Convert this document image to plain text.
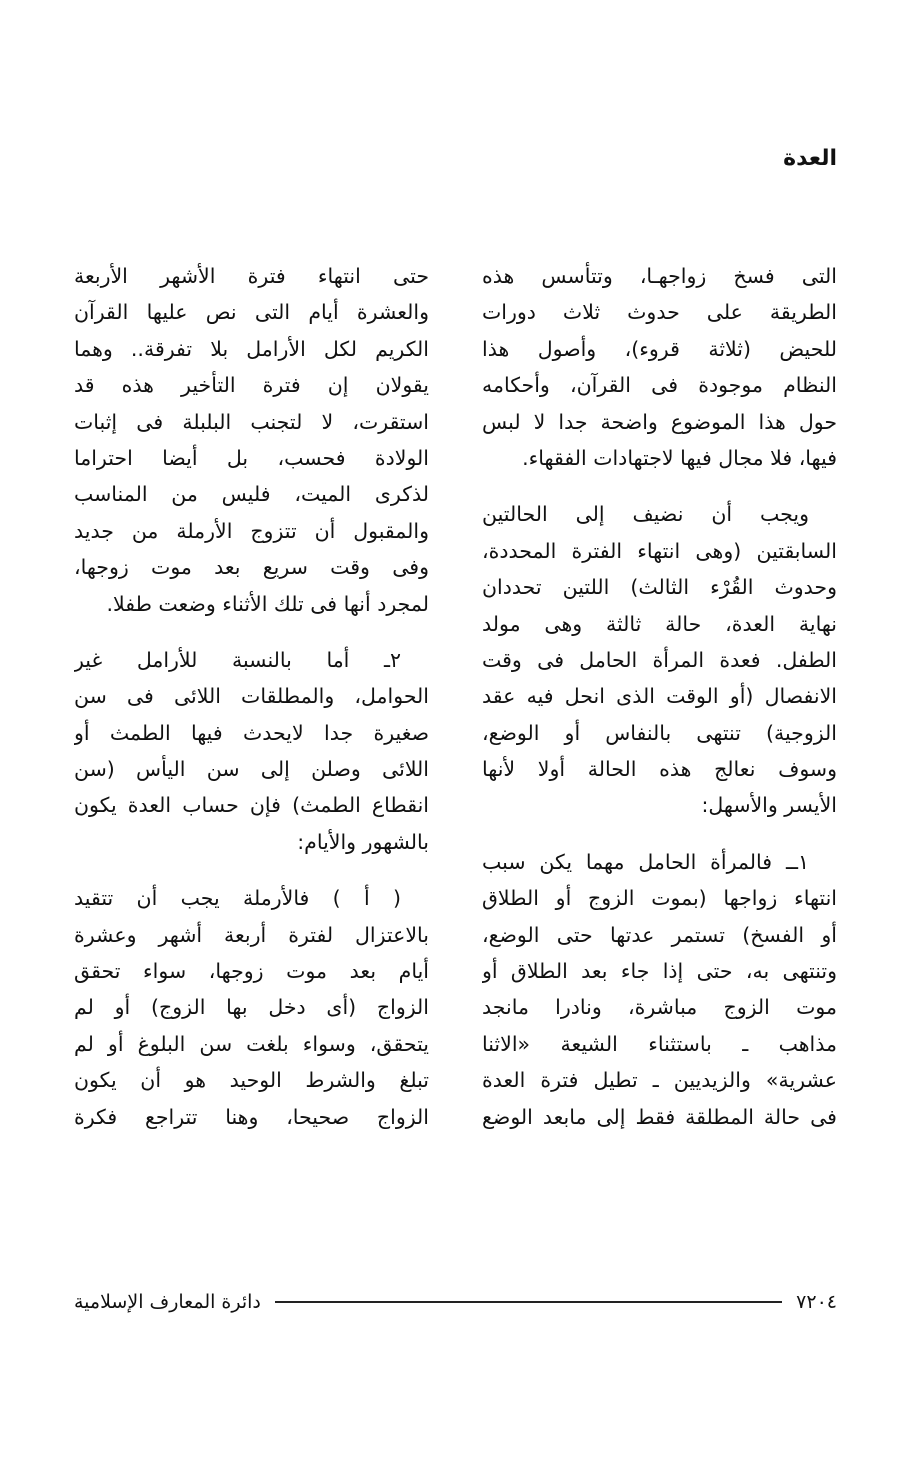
العدة
التى فسخ زواجهـا، وتتأسس هذه
الطريقة على حدوث ثلاث دورات
للحيض (ثلاثة قروء)، وأصول هذا
النظام موجودة فى القرآن، وأحكامه
حول هذا الموضوع واضحة جدا لا لبس
فيها، فلا مجال فيها لاجتهادات الفقهاء.
ويجب أن نضيف إلى الحالتين
السابقتين (وهى انتهاء الفترة المحددة،
وحدوث القُرْء الثالث) اللتين تحددان
نهاية العدة، حالة ثالثة وهى مولد
الطفل. فعدة المرأة الحامل فى وقت
الانفصال (أو الوقت الذى انحل فيه عقد
الزوجية) تنتهى بالنفاس أو الوضع،
وسوف نعالج هذه الحالة أولا لأنها
الأيسر والأسهل:
١ــ فالمرأة الحامل مهما يكن سبب
انتهاء زواجها (بموت الزوج أو الطلاق
أو الفسخ) تستمر عدتها حتى الوضع،
وتنتهى به، حتى إذا جاء بعد الطلاق أو
موت الزوج مباشرة، ونادرا مانجد
مذاهب ـ باستثناء الشيعة «الاثنا
عشرية» والزيديين ـ تطيل فترة العدة
فى حالة المطلقة فقط إلى مابعد الوضع
حتى انتهاء فترة الأشهر الأربعة
والعشرة أيام التى نص عليها القرآن
الكريم لكل الأرامل بلا تفرقة.. وهما
يقولان إن فترة التأخير هذه قد
استقرت، لا لتجنب البلبلة فى إثبات
الولادة فحسب، بل أيضا احتراما
لذكرى الميت، فليس من المناسب
والمقبول أن تتزوج الأرملة من جديد
وفى وقت سريع بعد موت زوجها،
لمجرد أنها فى تلك الأثناء وضعت طفلا.
٢ـ أما بالنسبة للأرامل غير
الحوامل، والمطلقات اللائى فى سن
صغيرة جدا لايحدث فيها الطمث أو
اللائى وصلن إلى سن اليأس (سن
انقطاع الطمث) فإن حساب العدة يكون
بالشهور والأيام:
( أ ) فالأرملة يجب أن تتقيد
بالاعتزال لفترة أربعة أشهر وعشرة
أيام بعد موت زوجها، سواء تحقق
الزواج (أى دخل بها الزوج) أو لم
يتحقق، وسواء بلغت سن البلوغ أو لم
تبلغ والشرط الوحيد هو أن يكون
الزواج صحيحا، وهنا تتراجع فكرة
٧٢٠٤
دائرة المعارف الإسلامية
